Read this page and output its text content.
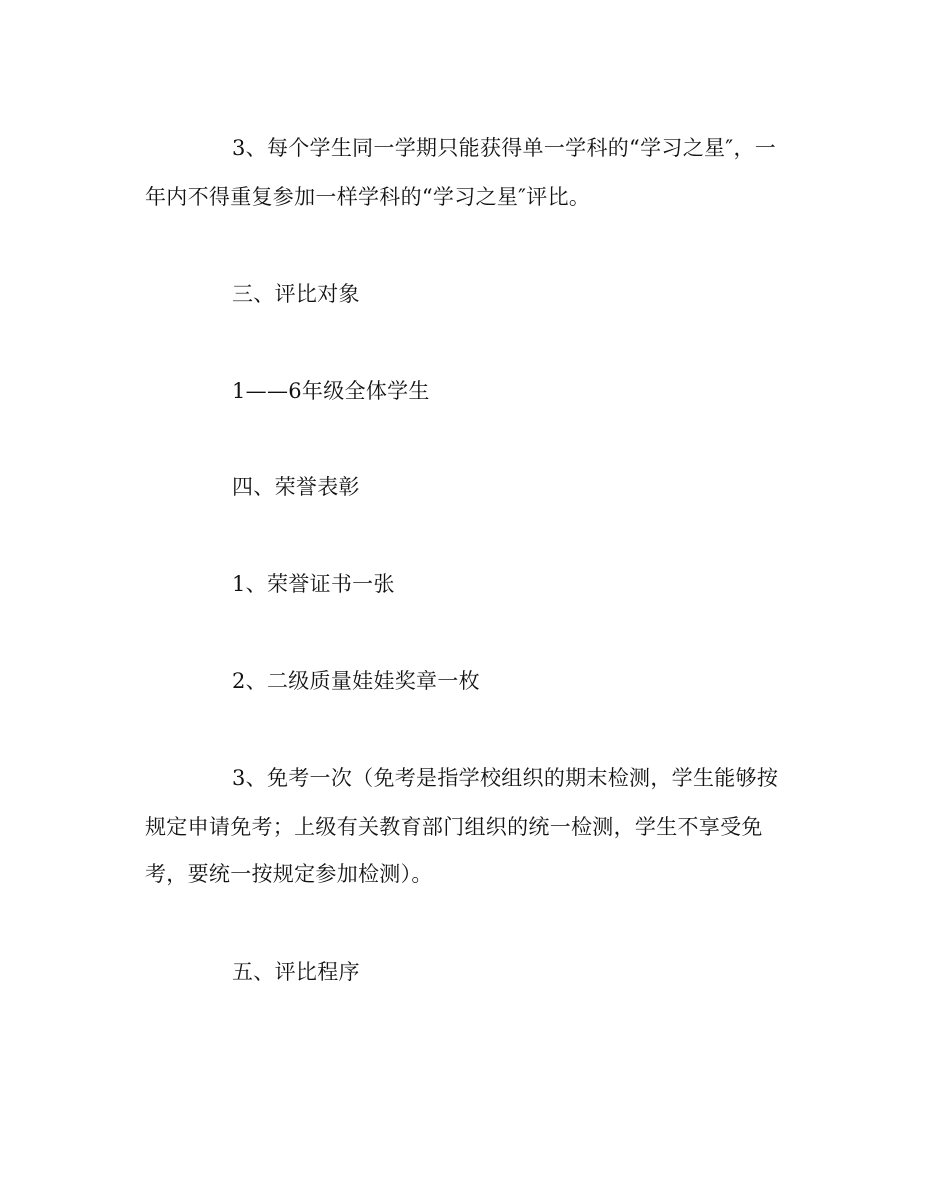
3、每个学生同一学期只能获得单一学科的“学习之星″，一
年内不得重复参加一样学科的“学习之星″评比。
三、评比对象
1——6年级全体学生
四、荣誉表彰
1、荣誉证书一张
2、二级质量娃娃奖章一枚
3、免考一次（免考是指学校组织的期末检测，学生能够按
规定申请免考；上级有关教育部门组织的统一检测，学生不享受免
考，要统一按规定参加检测）。
五、评比程序
